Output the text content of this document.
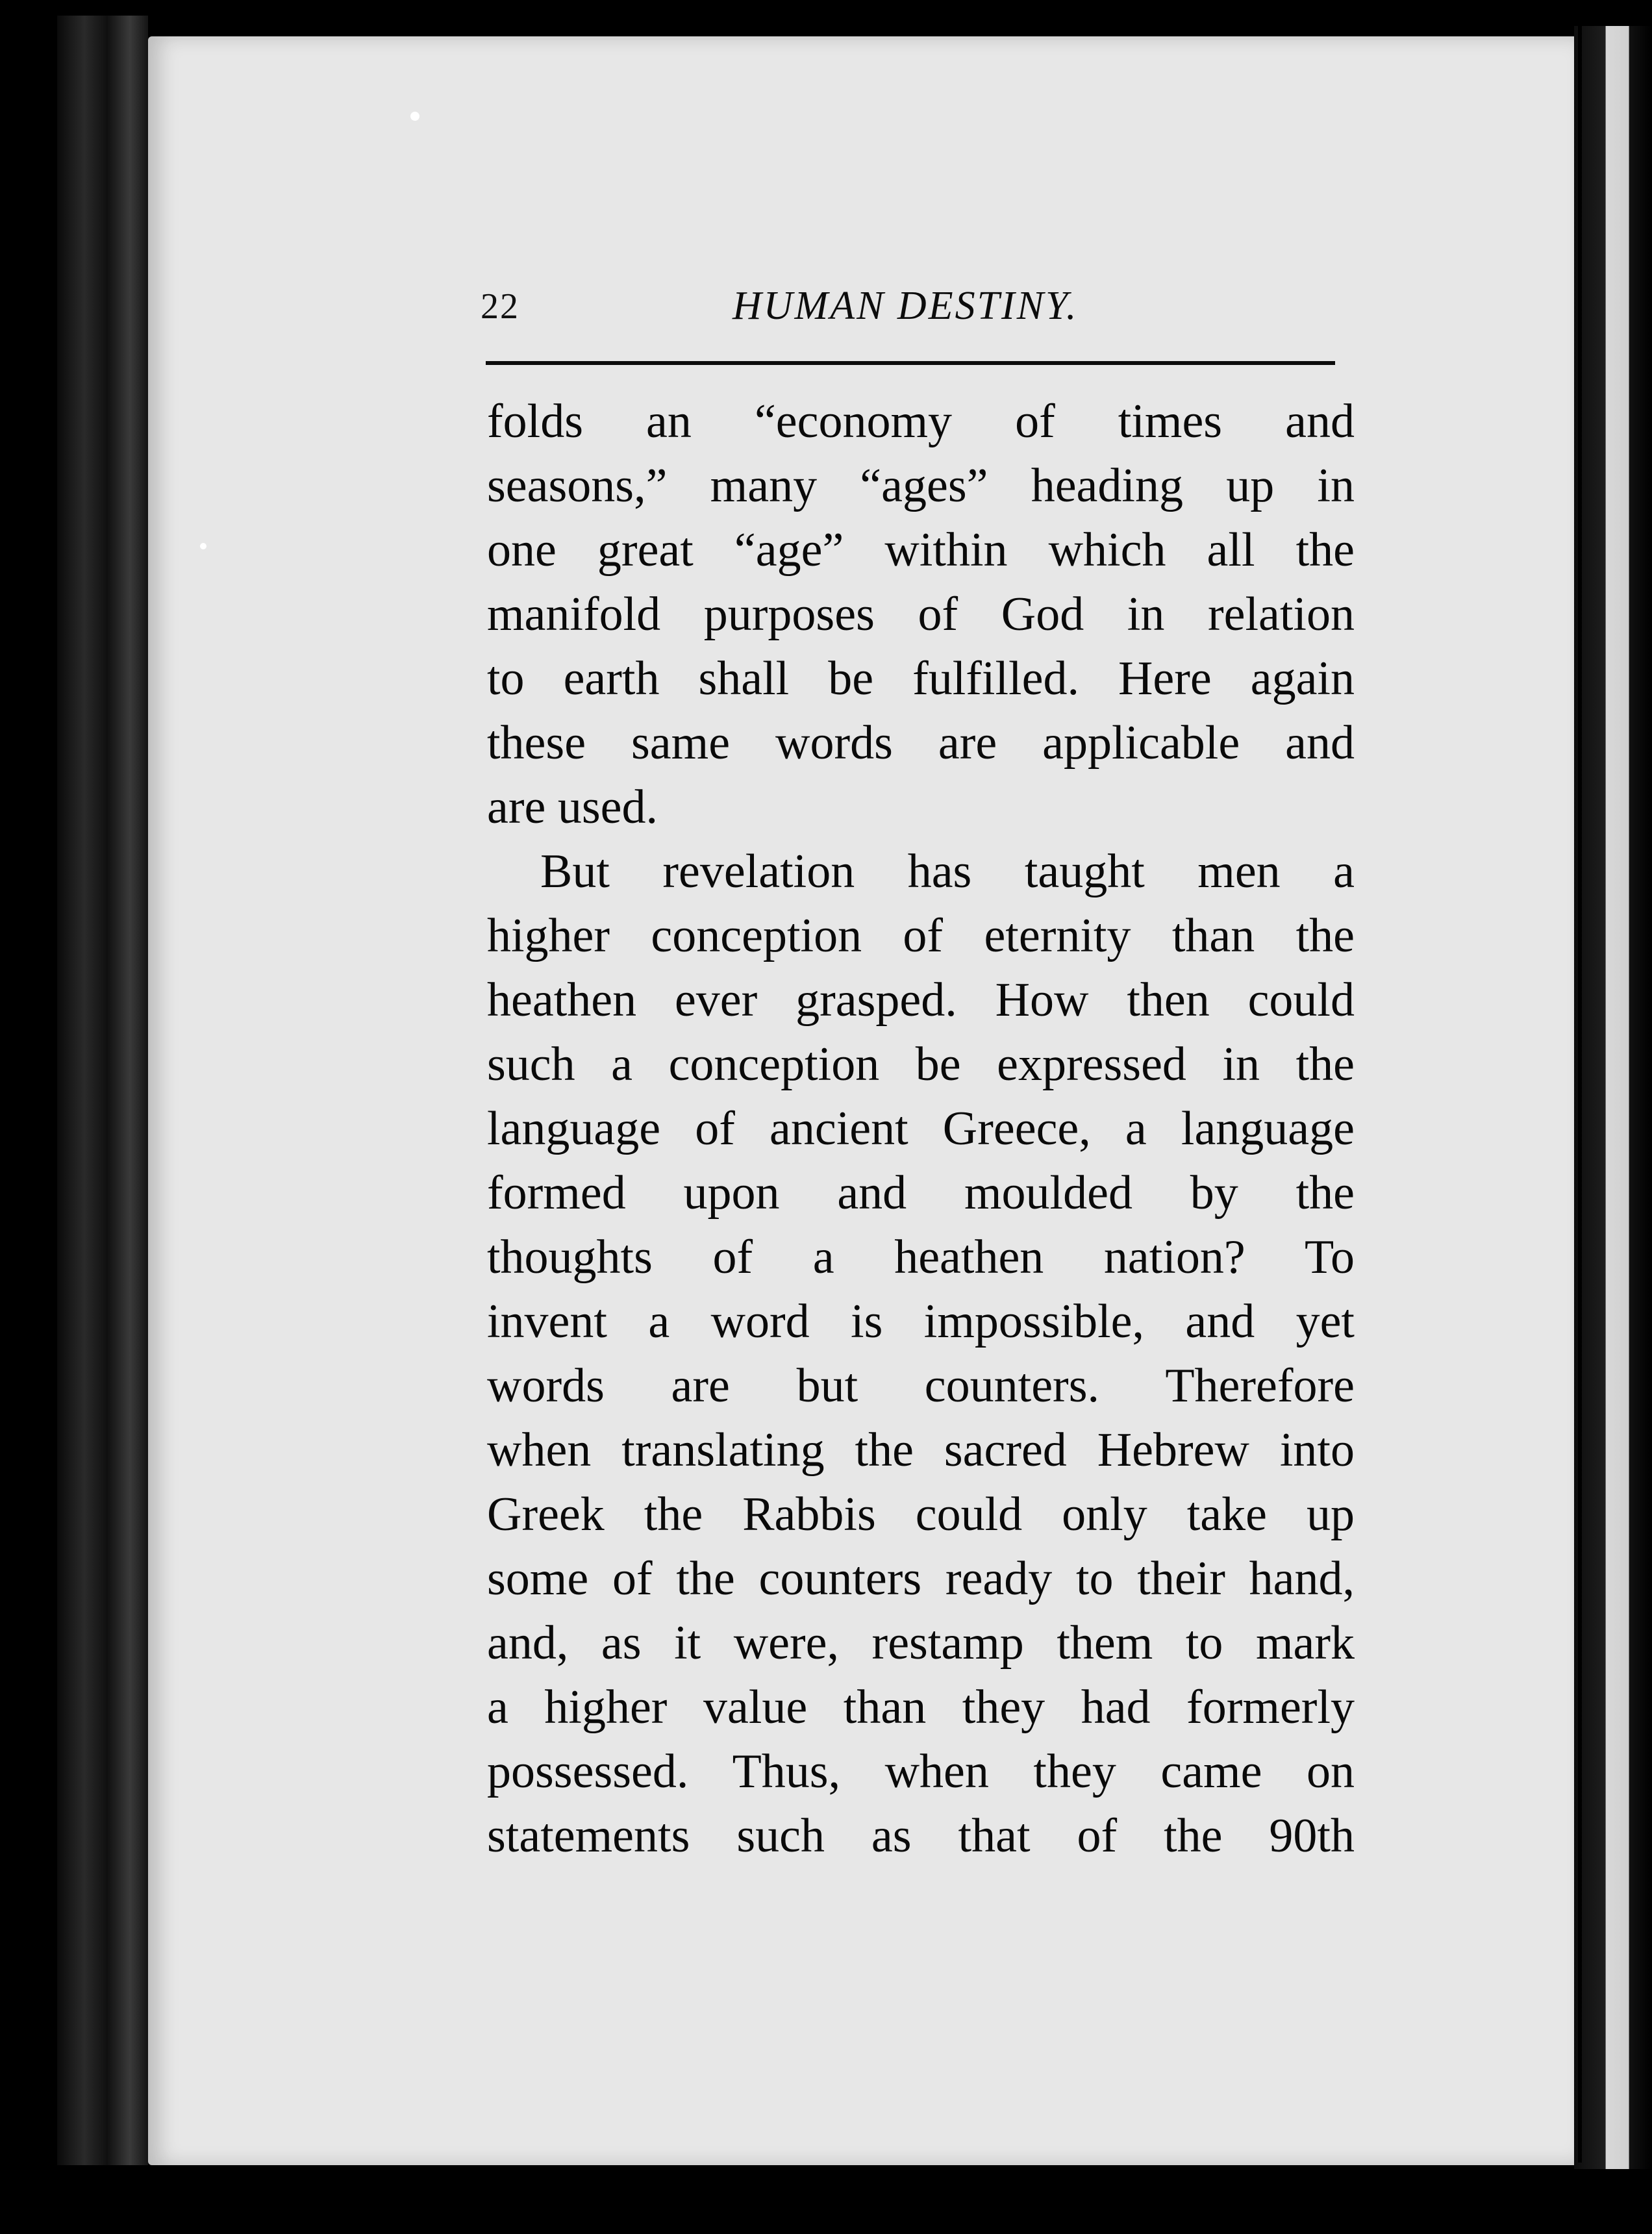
22	HUMAN DESTINY.
folds an “economy of times and
seasons,” many “ages” heading up in
one great “age” within which all the
manifold purposes of God in relation
to earth shall be fulfilled. Here again
these same words are applicable and
are used.
But revelation has taught men a
higher conception of eternity than the
heathen ever grasped. How then could
such a conception be expressed in the
language of ancient Greece, a language
formed upon and moulded by the
thoughts of a heathen nation? To
invent a word is impossible, and yet
words are but counters. Therefore
when translating the sacred Hebrew into
Greek the Rabbis could only take up
some of the counters ready to their hand,
and, as it were, restamp them to mark
a higher value than they had formerly
possessed. Thus, when they came on
statements such as that of the 90th
